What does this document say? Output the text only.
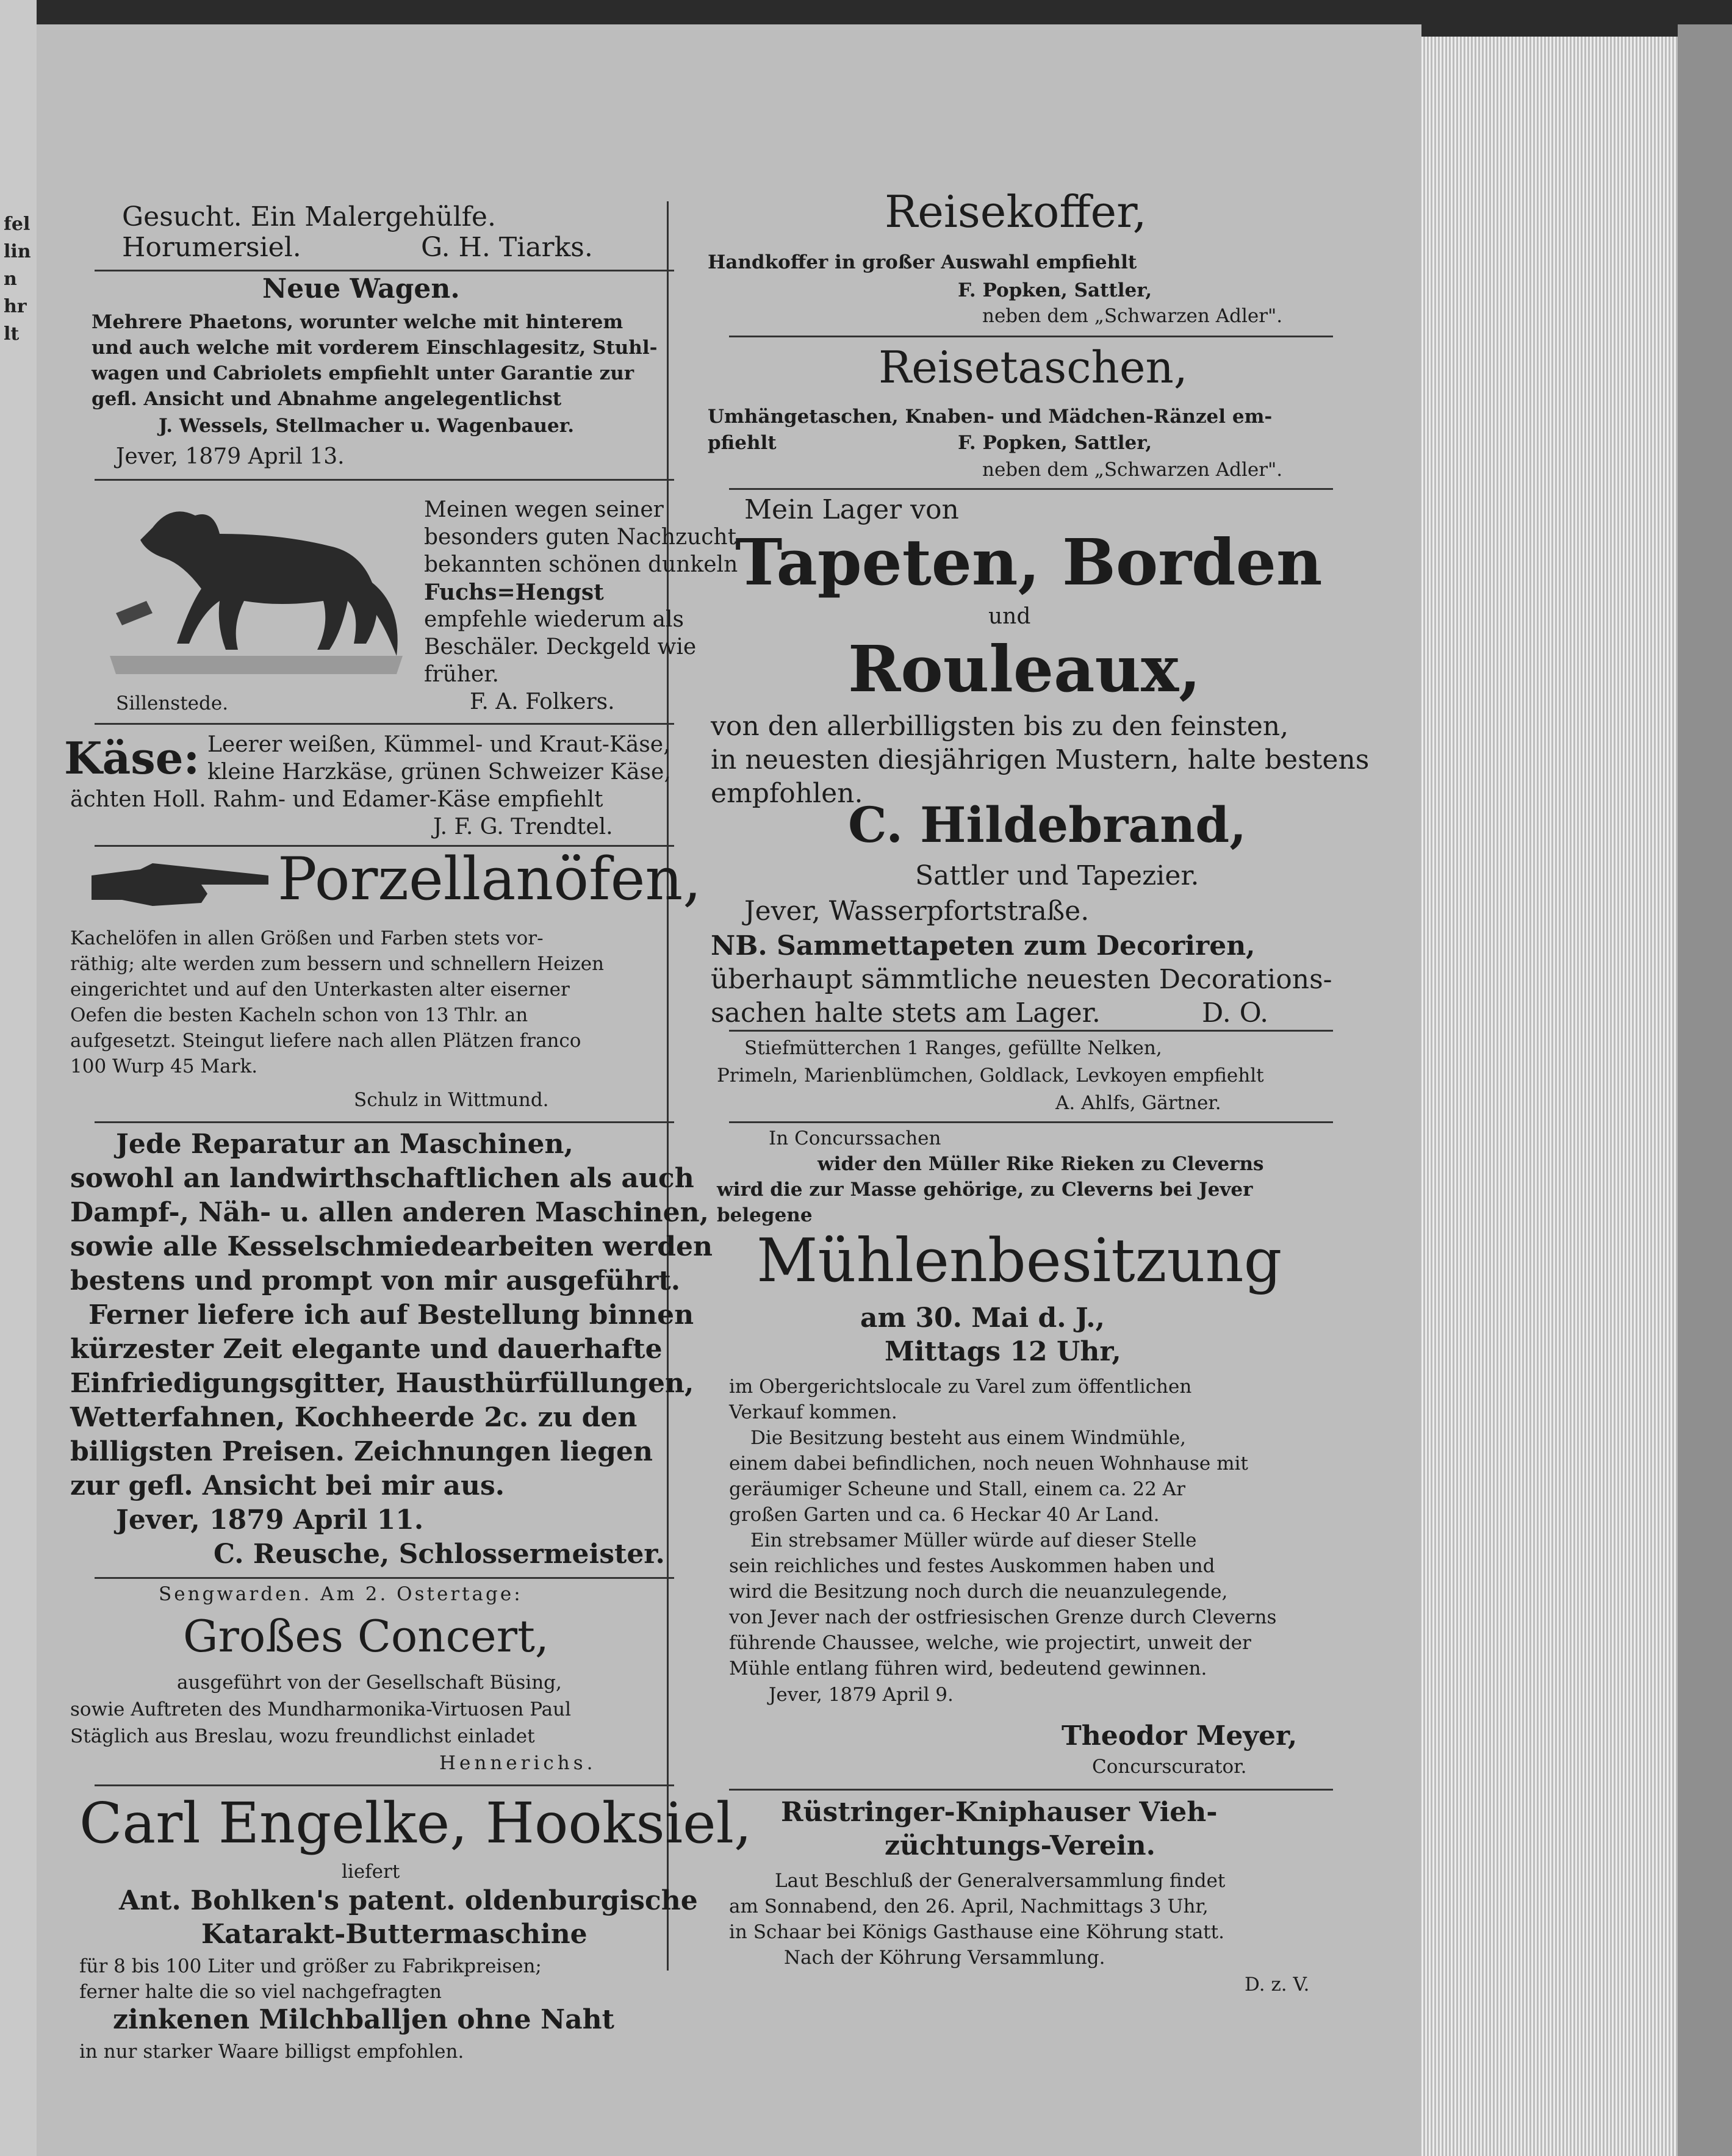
fel
lin
n
hr
lt
Gesucht. Ein Malergehülfe.
Horumersiel.	G. H. Tiarks.
Neue Wagen.
Mehrere Phaetons, worunter welche mit hinterem
und auch welche mit vorderem Einschlagesitz, Stuhl-
wagen und Cabriolets empfiehlt unter Garantie zur
gefl. Ansicht und Abnahme angelegentlichst
J. Wessels, Stellmacher u. Wagenbauer.
Jever, 1879 April 13.
Meinen wegen seiner
besonders guten Nachzucht
bekannten schönen dunkeln
Fuchs=Hengst
empfehle wiederum als
Beschäler. Deckgeld wie
früher.
Sillenstede.	F. A. Folkers.
Käse: Leerer weißen, Kümmel- und Kraut-Käse,
kleine Harzkäse, grünen Schweizer Käse,
ächten Holl. Rahm- und Edamer-Käse empfiehlt
J. F. G. Trendtel.
Porzellanöfen,
Kachelöfen in allen Größen und Farben stets vor-
räthig; alte werden zum bessern und schnellern Heizen
eingerichtet und auf den Unterkasten alter eiserner
Oefen die besten Kacheln schon von 13 Thlr. an
aufgesetzt. Steingut liefere nach allen Plätzen franco
100 Wurp 45 Mark.
Schulz in Wittmund.
Jede Reparatur an Maschinen,
sowohl an landwirthschaftlichen als auch
Dampf-, Näh- u. allen anderen Maschinen,
sowie alle Kesselschmiedearbeiten werden
bestens und prompt von mir ausgeführt.
Ferner liefere ich auf Bestellung binnen
kürzester Zeit elegante und dauerhafte
Einfriedigungsgitter, Hausthürfüllungen,
Wetterfahnen, Kochheerde 2c. zu den
billigsten Preisen. Zeichnungen liegen
zur gefl. Ansicht bei mir aus.
Jever, 1879 April 11.
C. Reusche, Schlossermeister.
Sengwarden. Am 2. Ostertage:
Großes Concert,
ausgeführt von der Gesellschaft Büsing,
sowie Auftreten des Mundharmonika-Virtuosen Paul
Stäglich aus Breslau, wozu freundlichst einladet
Hennerichs.
Carl Engelke, Hooksiel,
liefert
Ant. Bohlken's patent. oldenburgische
Katarakt-Buttermaschine
für 8 bis 100 Liter und größer zu Fabrikpreisen;
ferner halte die so viel nachgefragten
zinkenen Milchballjen ohne Naht
in nur starker Waare billigst empfohlen.
Reisekoffer,
Handkoffer in großer Auswahl empfiehlt
F. Popken, Sattler,
neben dem „Schwarzen Adler".
Reisetaschen,
Umhängetaschen, Knaben- und Mädchen-Ränzel em-
pfiehlt	F. Popken, Sattler,
neben dem „Schwarzen Adler".
Mein Lager von
Tapeten, Borden
und
Rouleaux,
von den allerbilligsten bis zu den feinsten,
in neuesten diesjährigen Mustern, halte bestens
empfohlen.
C. Hildebrand,
Sattler und Tapezier.
Jever, Wasserpfortstraße.
NB. Sammettapeten zum Decoriren,
überhaupt sämmtliche neuesten Decorations-
sachen halte stets am Lager.	D. O.
Stiefmütterchen 1 Ranges, gefüllte Nelken,
Primeln, Marienblümchen, Goldlack, Levkoyen empfiehlt
A. Ahlfs, Gärtner.
In Concurssachen
wider den Müller Rike Rieken zu Cleverns
wird die zur Masse gehörige, zu Cleverns bei Jever
belegene
Mühlenbesitzung
am 30. Mai d. J.,
Mittags 12 Uhr,
im Obergerichtslocale zu Varel zum öffentlichen
Verkauf kommen.
Die Besitzung besteht aus einem Windmühle,
einem dabei befindlichen, noch neuen Wohnhause mit
geräumiger Scheune und Stall, einem ca. 22 Ar
großen Garten und ca. 6 Heckar 40 Ar Land.
Ein strebsamer Müller würde auf dieser Stelle
sein reichliches und festes Auskommen haben und
wird die Besitzung noch durch die neuanzulegende,
von Jever nach der ostfriesischen Grenze durch Cleverns
führende Chaussee, welche, wie projectirt, unweit der
Mühle entlang führen wird, bedeutend gewinnen.
Jever, 1879 April 9.
Theodor Meyer,
Concurscurator.
Rüstringer-Kniphauser Vieh-
züchtungs-Verein.
Laut Beschluß der Generalversammlung findet
am Sonnabend, den 26. April, Nachmittags 3 Uhr,
in Schaar bei Königs Gasthause eine Köhrung statt.
Nach der Köhrung Versammlung.
D. z. V.
